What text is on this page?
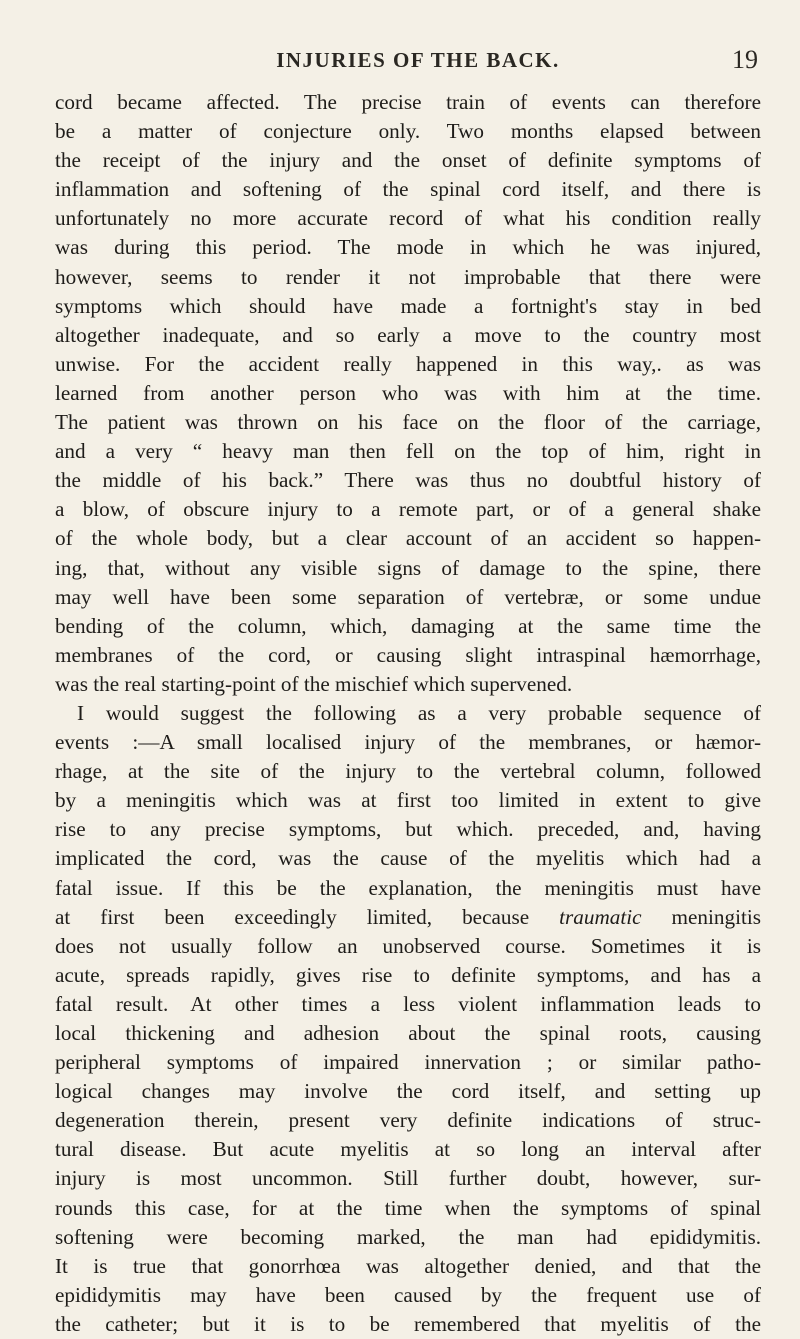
INJURIES OF THE BACK.	19
cord became affected. The precise train of events can therefore
be a matter of conjecture only. Two months elapsed between
the receipt of the injury and the onset of definite symptoms of
inflammation and softening of the spinal cord itself, and there is
unfortunately no more accurate record of what his condition really
was during this period. The mode in which he was injured,
however, seems to render it not improbable that there were
symptoms which should have made a fortnight's stay in bed
altogether inadequate, and so early a move to the country most
unwise. For the accident really happened in this way,. as was
learned from another person who was with him at the time.
The patient was thrown on his face on the floor of the carriage,
and a very “ heavy man then fell on the top of him, right in
the middle of his back.” There was thus no doubtful history of
a blow, of obscure injury to a remote part, or of a general shake
of the whole body, but a clear account of an accident so happen-
ing, that, without any visible signs of damage to the spine, there
may well have been some separation of vertebræ, or some undue
bending of the column, which, damaging at the same time the
membranes of the cord, or causing slight intraspinal hæmorrhage,
was the real starting-point of the mischief which supervened.
I would suggest the following as a very probable sequence of
events :—A small localised injury of the membranes, or hæmor-
rhage, at the site of the injury to the vertebral column, followed
by a meningitis which was at first too limited in extent to give
rise to any precise symptoms, but which. preceded, and, having
implicated the cord, was the cause of the myelitis which had a
fatal issue. If this be the explanation, the meningitis must have
at first been exceedingly limited, because traumatic meningitis
does not usually follow an unobserved course. Sometimes it is
acute, spreads rapidly, gives rise to definite symptoms, and has a
fatal result. At other times a less violent inflammation leads to
local thickening and adhesion about the spinal roots, causing
peripheral symptoms of impaired innervation ; or similar patho-
logical changes may involve the cord itself, and setting up
degeneration therein, present very definite indications of struc-
tural disease. But acute myelitis at so long an interval after
injury is most uncommon. Still further doubt, however, sur-
rounds this case, for at the time when the symptoms of spinal
softening were becoming marked, the man had epididymitis.
It is true that gonorrhœa was altogether denied, and that the
epididymitis may have been caused by the frequent use of
the catheter; but it is to be remembered that myelitis of the
